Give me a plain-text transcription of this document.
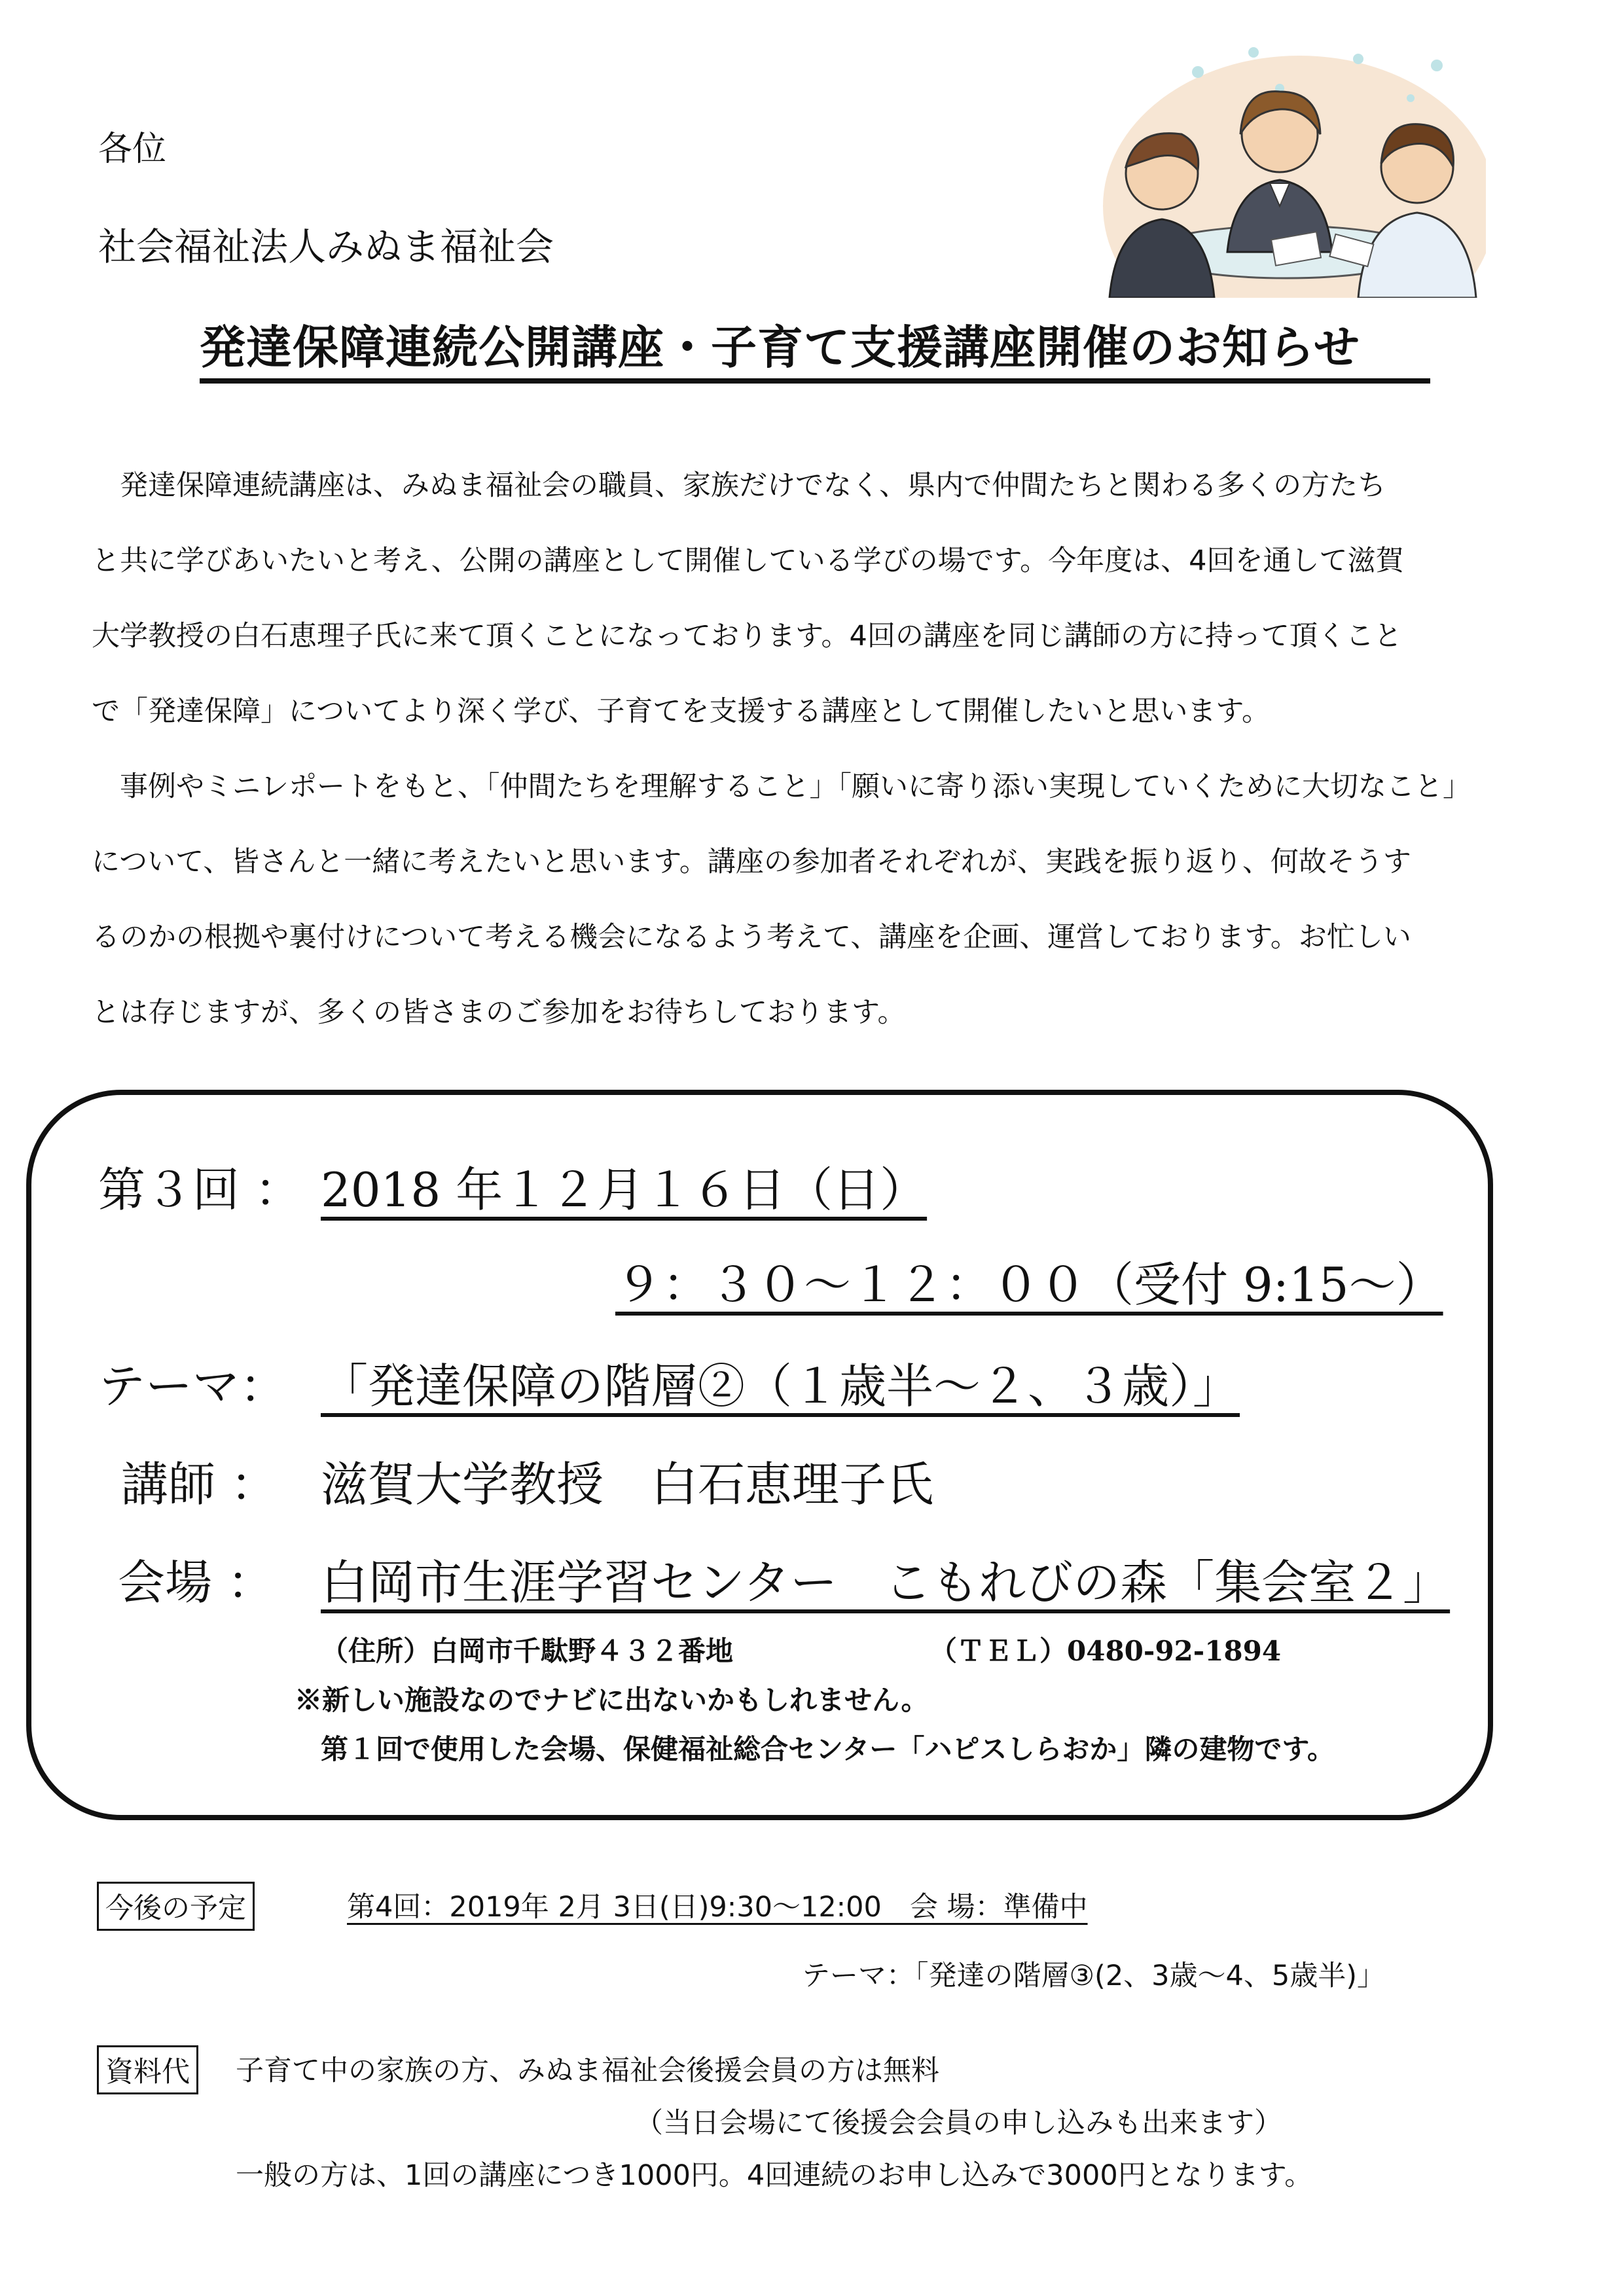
各位
社会福祉法人みぬま福祉会
発達保障連続公開講座・子育て支援講座開催のお知らせ
　発達保障連続講座は、みぬま福祉会の職員、家族だけでなく、県内で仲間たちと関わる多くの方たち
と共に学びあいたいと考え、公開の講座として開催している学びの場です。今年度は、4回を通して滋賀
大学教授の白石恵理子氏に来て頂くことになっております。4回の講座を同じ講師の方に持って頂くこと
で「発達保障」についてより深く学び、子育てを支援する講座として開催したいと思います。
　事例やミニレポートをもと、「仲間たちを理解すること」「願いに寄り添い実現していくために大切なこと」
について、皆さんと一緒に考えたいと思います。講座の参加者それぞれが、実践を振り返り、何故そうす
るのかの根拠や裏付けについて考える機会になるよう考えて、講座を企画、運営しております。お忙しい
とは存じますが、多くの皆さまのご参加をお待ちしております。
第３回 ： 2018 年１２月１６日（日）
９：３０～１２：００（受付 9:15～）
テーマ： 「発達保障の階層②（１歳半～２、３歳）」
講師 ： 滋賀大学教授　白石恵理子氏
会場 ： 白岡市生涯学習センター　こもれびの森「集会室２」
（住所）白岡市千駄野４３２番地	（ＴＥＬ）0480-92-1894
※新しい施設なのでナビに出ないかもしれません。
第１回で使用した会場、保健福祉総合センター「ハピスしらおか」隣の建物です。
今後の予定	第4回：2019年 2月 3日(日)9:30～12:00　会 場：準備中
テーマ：「発達の階層③(2、3歳～4、5歳半)」
資料代	子育て中の家族の方、みぬま福祉会後援会員の方は無料
（当日会場にて後援会会員の申し込みも出来ます）
一般の方は、1回の講座につき1000円。4回連続のお申し込みで3000円となります。
